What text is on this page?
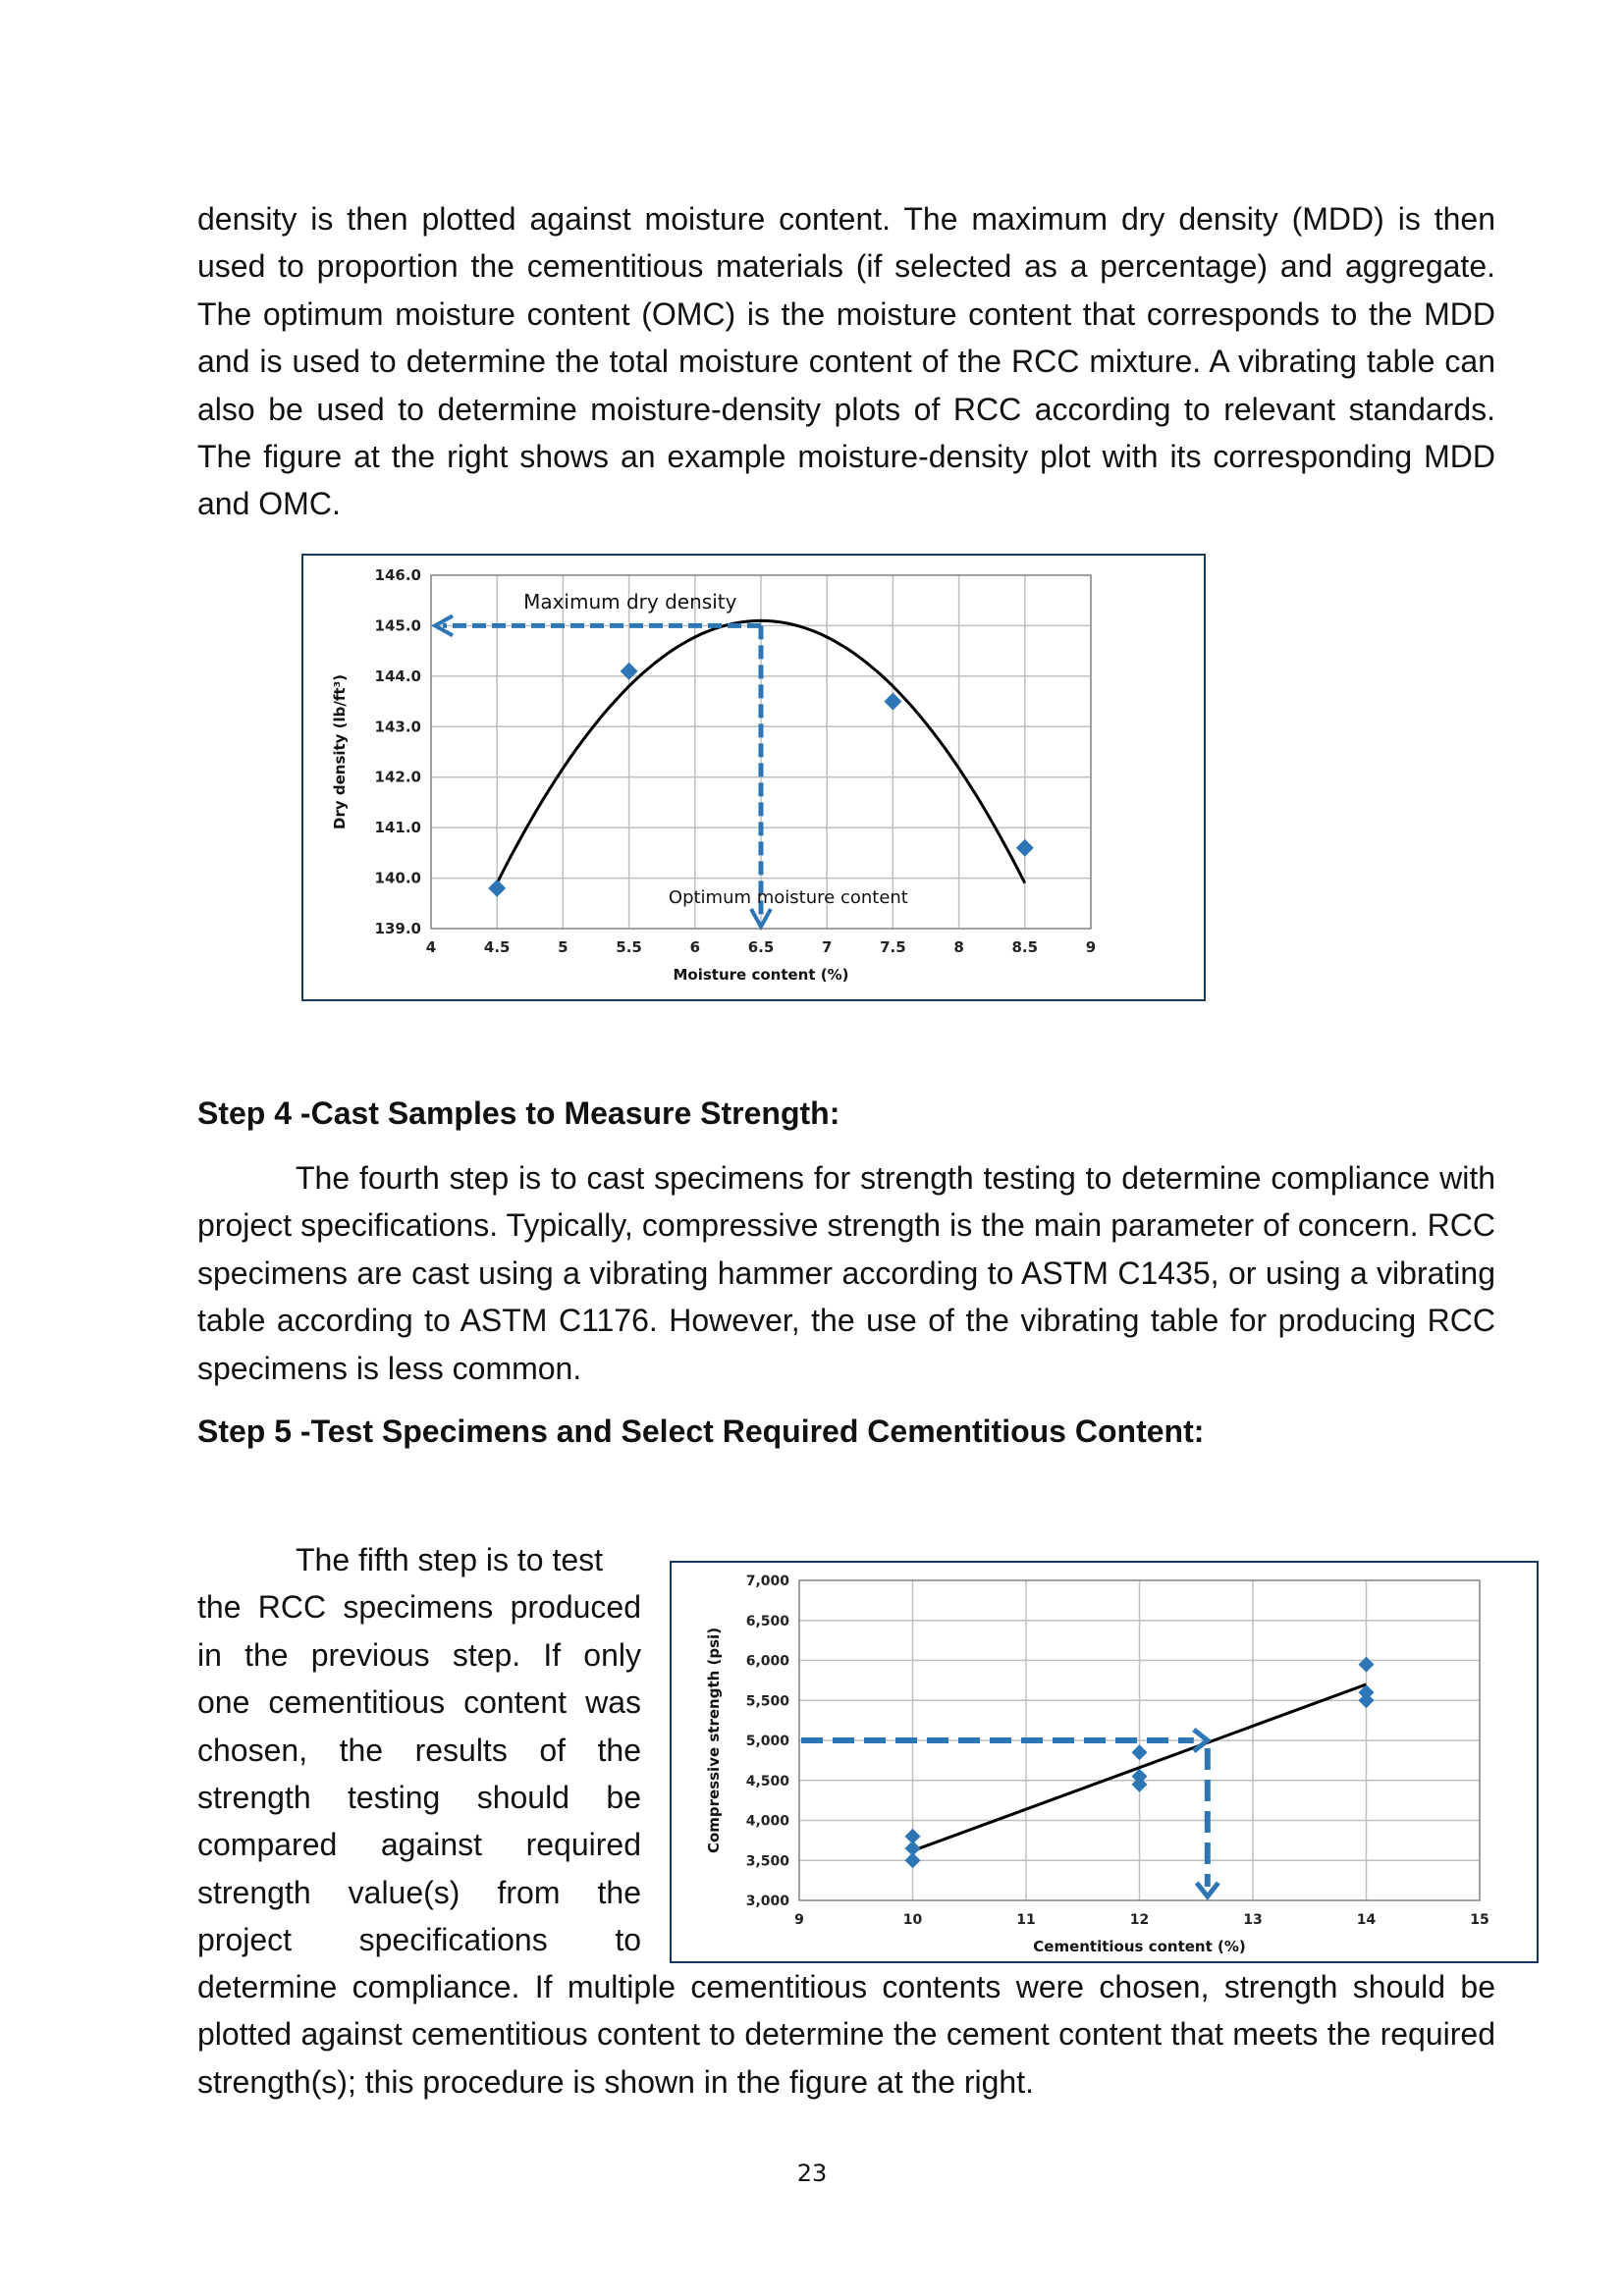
density is then plotted against moisture content. The maximum dry density (MDD) is then used to proportion the cementitious materials (if selected as a percentage) and aggregate. The optimum moisture content (OMC) is the moisture content that corresponds to the MDD and is used to determine the total moisture content of the RCC mixture. A vibrating table can also be used to determine moisture-density plots of RCC according to relevant standards. The figure at the right shows an example moisture-density plot with its corresponding MDD and OMC.

139.0
140.0
141.0
142.0
143.0
144.0
145.0
146.0
4	4.5	5	5.5	6	6.5	7	7.5	8	8.5	9
Moisture content (%)
Dry density (lb/ft³)
Maximum dry density
Optimum moisture content

Step 4 -Cast Samples to Measure Strength:

The fourth step is to cast specimens for strength testing to determine compliance with project specifications. Typically, compressive strength is the main parameter of concern. RCC specimens are cast using a vibrating hammer according to ASTM C1435, or using a vibrating table according to ASTM C1176. However, the use of the vibrating table for producing RCC specimens is less common.

Step 5 -Test Specimens and Select Required Cementitious Content:

The fifth step is to test
the RCC specimens produced
in the previous step. If only
one cementitious content was
chosen, the results of the
strength testing should be
compared against required
strength value(s) from the
project specifications to
3,000
3,500
4,000
4,500
5,000
5,500
6,000
6,500
7,000
9	10	11	12	13	14	15
Cementitious content (%)
Compressive strength (psi)

determine compliance. If multiple cementitious contents were chosen, strength should be plotted against cementitious content to determine the cement content that meets the required strength(s); this procedure is shown in the figure at the right.

23
